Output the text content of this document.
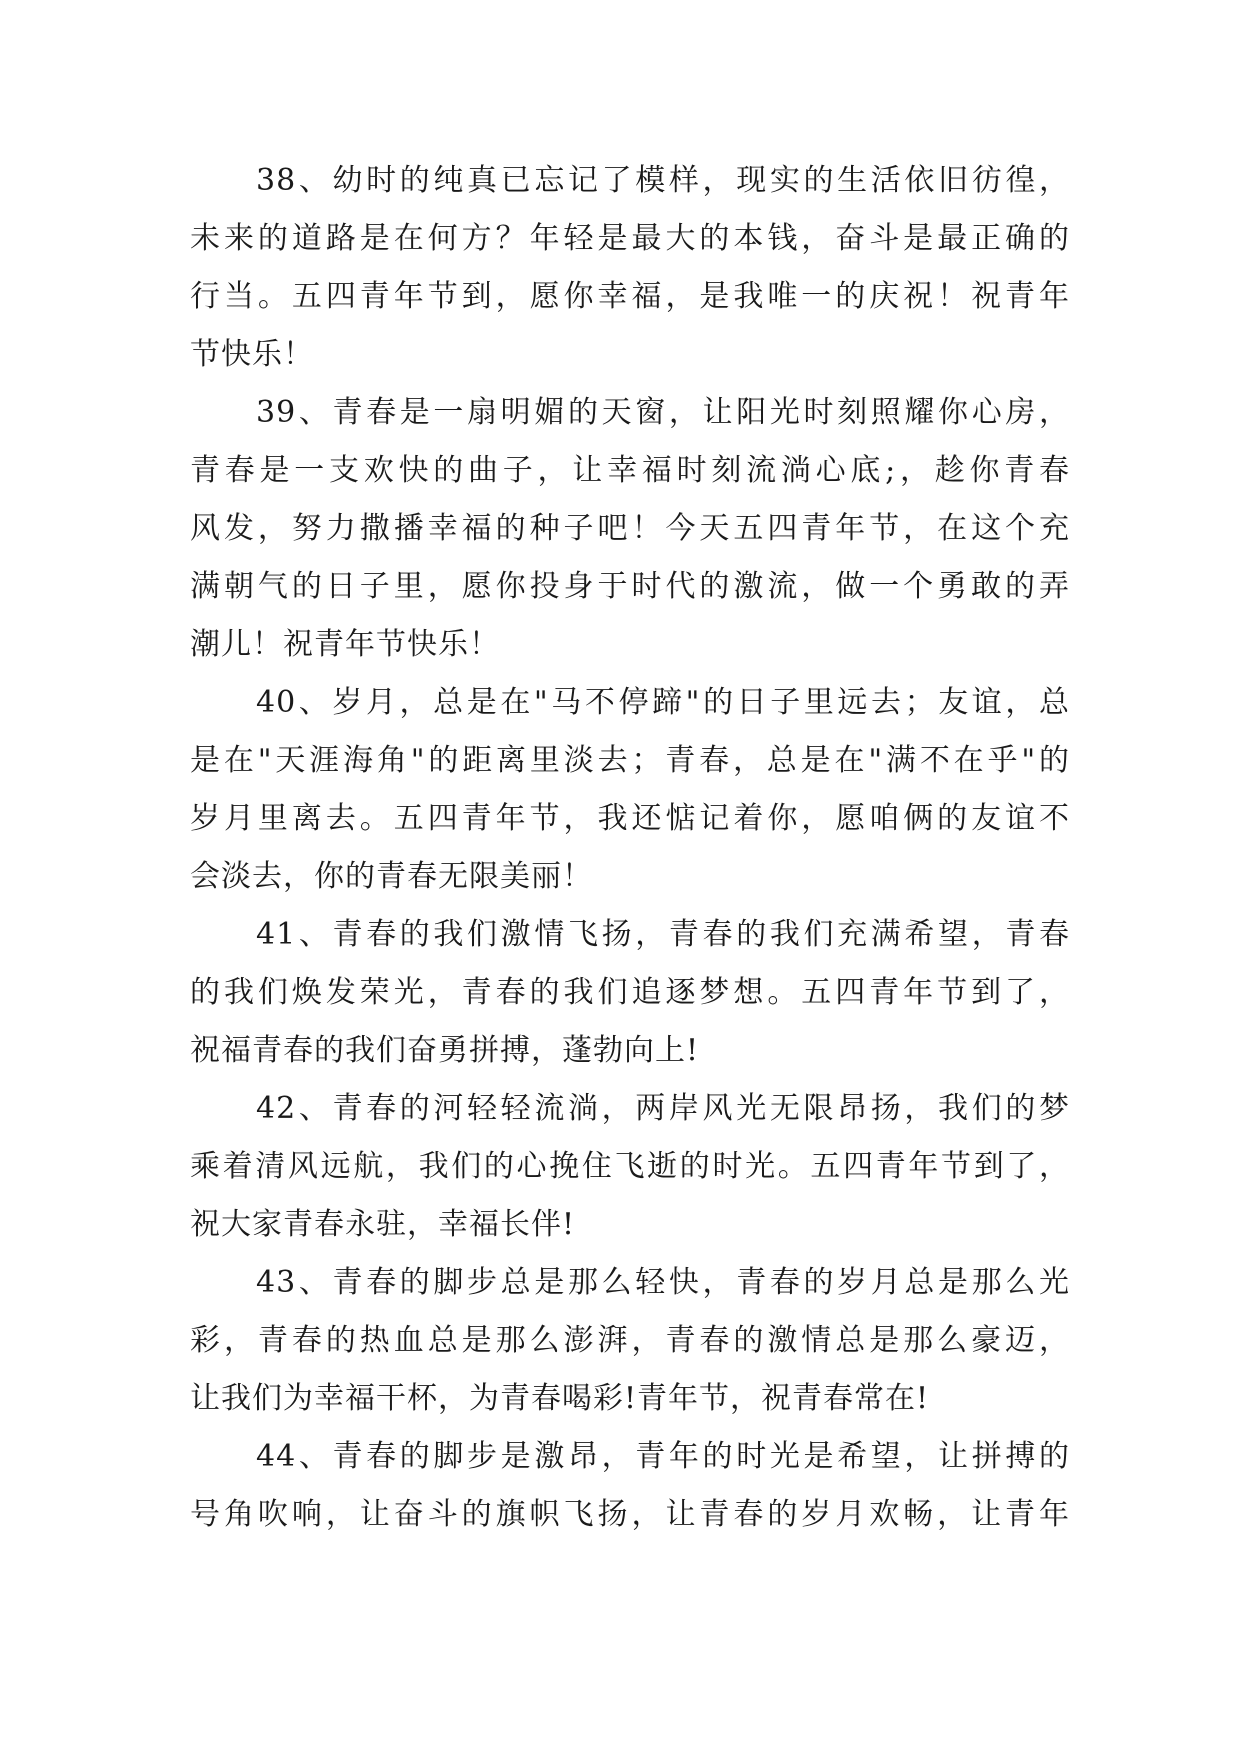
38、幼时的纯真已忘记了模样，现实的生活依旧彷徨，
未来的道路是在何方？年轻是最大的本钱，奋斗是最正确的
行当。五四青年节到，愿你幸福，是我唯一的庆祝！祝青年
节快乐！
39、青春是一扇明媚的天窗，让阳光时刻照耀你心房，
青春是一支欢快的曲子，让幸福时刻流淌心底;，趁你青春
风发，努力撒播幸福的种子吧！今天五四青年节，在这个充
满朝气的日子里，愿你投身于时代的激流，做一个勇敢的弄
潮儿！祝青年节快乐！
40、岁月，总是在"马不停蹄"的日子里远去；友谊，总
是在"天涯海角"的距离里淡去；青春，总是在"满不在乎"的
岁月里离去。五四青年节，我还惦记着你，愿咱俩的友谊不
会淡去，你的青春无限美丽！
41、青春的我们激情飞扬，青春的我们充满希望，青春
的我们焕发荣光，青春的我们追逐梦想。五四青年节到了，
祝福青春的我们奋勇拼搏，蓬勃向上!
42、青春的河轻轻流淌，两岸风光无限昂扬，我们的梦
乘着清风远航，我们的心挽住飞逝的时光。五四青年节到了，
祝大家青春永驻，幸福长伴!
43、青春的脚步总是那么轻快，青春的岁月总是那么光
彩，青春的热血总是那么澎湃，青春的激情总是那么豪迈，
让我们为幸福干杯，为青春喝彩!青年节，祝青春常在!
44、青春的脚步是激昂，青年的时光是希望，让拼搏的
号角吹响，让奋斗的旗帜飞扬，让青春的岁月欢畅，让青年
